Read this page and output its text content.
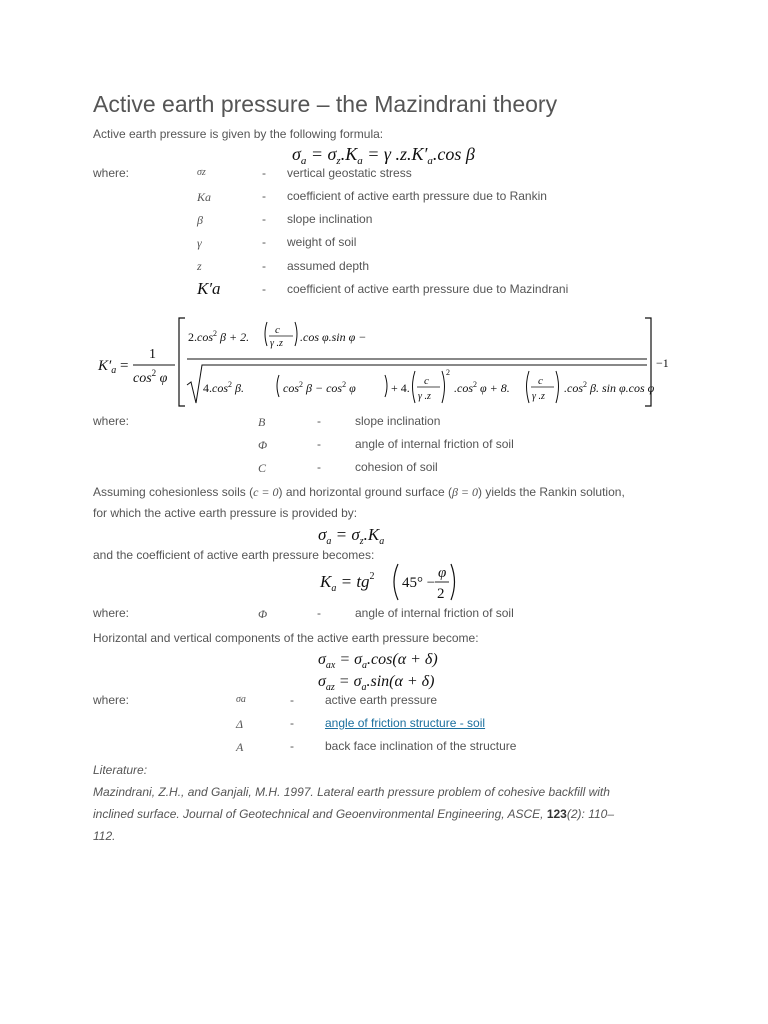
Active earth pressure – the Mazindrani theory
Active earth pressure is given by the following formula:
$\sigma_a = \sigma_z.K_a = \gamma$ $.z.K'_a.\cos$ β
where:	σz	- vertical geostatic stress
Ka	- coefficient of active earth pressure due to Rankin
β	- slope inclination
γ	- weight of soil
z	- assumed depth
K′a	- coefficient of active earth pressure due to Mazindrani
$K'_a$ =
1
$\cos^2 \varphi$
$2.\cos^2$ β + 2. c
γ .z .cos φ.sin φ −
$4.\cos^2$ β.	$\cos^2 \beta - \cos^2 \varphi$	+ 4. c
γ .z
2
$.\cos^2$ φ + 8.	c
γ .z
$.\cos^2$ β. sin φ.cos φ
−1
where:	Β	-	slope inclination
Φ	-	angle of internal friction of soil
C	-	cohesion of soil
Assuming cohesionless soils (c = 0) and horizontal ground surface (β = 0) yields the Rankin solution,
for which the active earth pressure is provided by:
$\sigma_a = \sigma_z.K_a$
and the coefficient of active earth pressure becomes:
$K_a = tg^2$ 45° −
φ
2
where:	Φ	-	angle of internal friction of soil
Horizontal and vertical components of the active earth pressure become:
$\sigma_{ax} = \sigma_a.\cos(\alpha + \delta)$
$\sigma_{az} = \sigma_a.\sin(\alpha + \delta)$
where:	σa	-	active earth pressure
Δ	-	angle of friction structure - soil
Α	-	back face inclination of the structure
Literature:
Mazindrani, Z.H., and Ganjali, M.H. 1997. Lateral earth pressure problem of cohesive backfill with
inclined surface. Journal of Geotechnical and Geoenvironmental Engineering, ASCE, 123(2): 110–
112.
